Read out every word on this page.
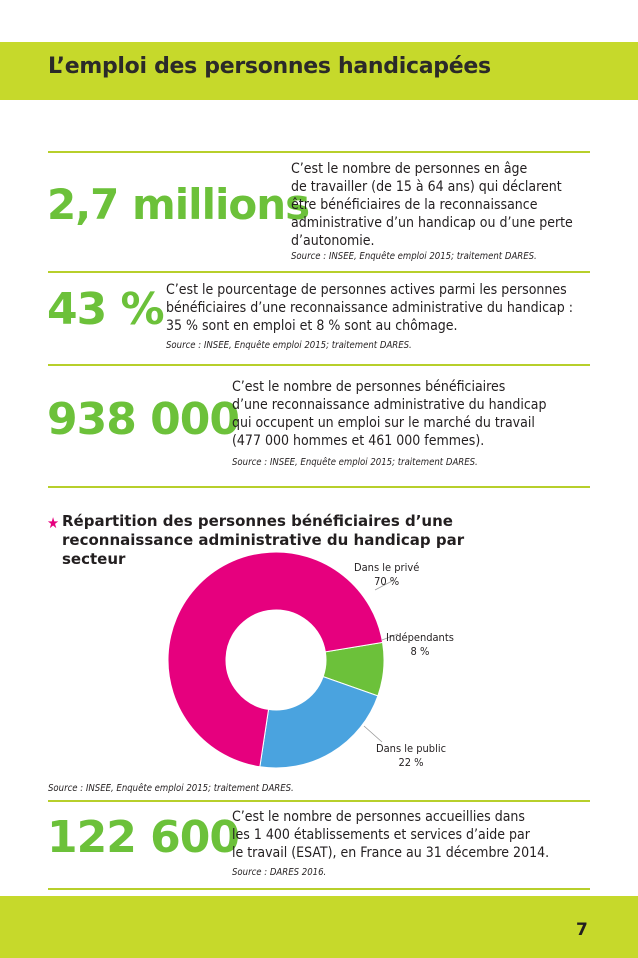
L’emploi des personnes handicapées
2,7 millions
C’est le nombre de personnes en âge
de travailler (de 15 à 64 ans) qui déclarent
être bénéficiaires de la reconnaissance
administrative d’un handicap ou d’une perte
d’autonomie.
Source : INSEE, Enquête emploi 2015; traitement DARES.
43 % C’est le pourcentage de personnes actives parmi les personnes
bénéficiaires d’une reconnaissance administrative du handicap :
35 % sont en emploi et 8 % sont au chômage.
Source : INSEE, Enquête emploi 2015; traitement DARES.
938 000
C’est le nombre de personnes bénéficiaires
d’une reconnaissance administrative du handicap
qui occupent un emploi sur le marché du travail
(477 000 hommes et 461 000 femmes).
Source : INSEE, Enquête emploi 2015; traitement DARES.
★ Répartition des personnes bénéficiaires d’une reconnaissance administrative du handicap par secteur	Dans le privé
70 %
Indépendants
8 %
Dans le public
22 %
Source : INSEE, Enquête emploi 2015; traitement DARES.
122 600
C’est le nombre de personnes accueillies dans
les 1 400 établissements et services d’aide par
le travail (ESAT), en France au 31 décembre 2014.
Source : DARES 2016.
7
